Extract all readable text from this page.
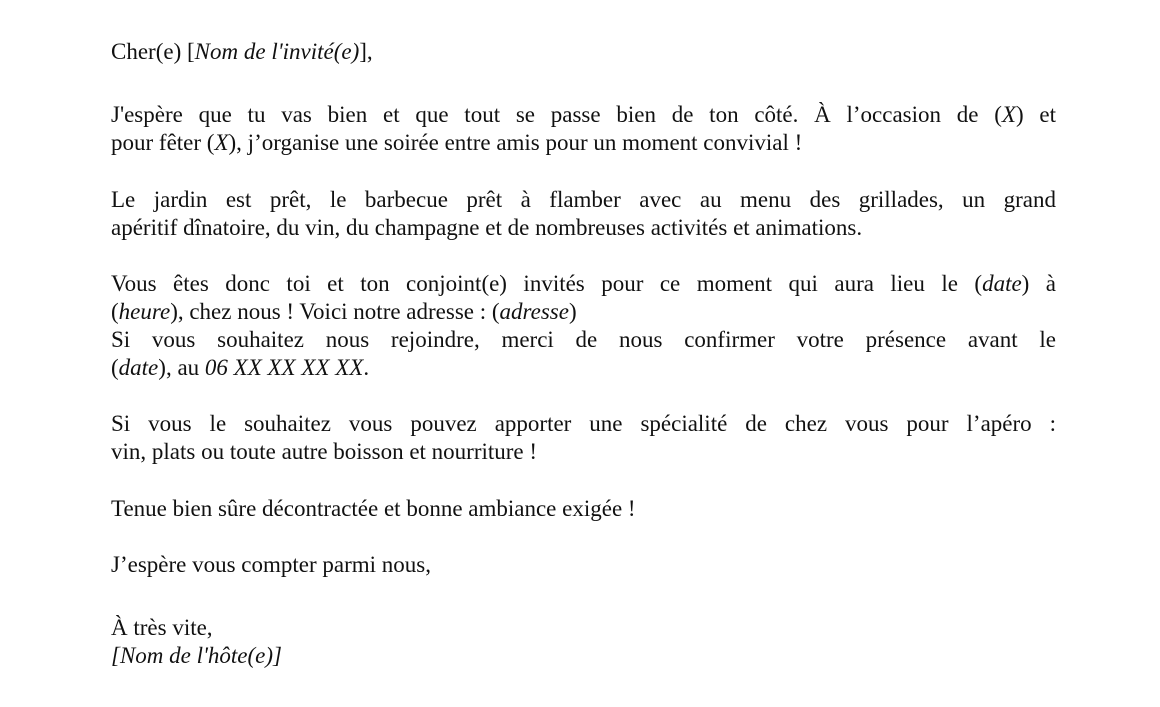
Cher(e) [Nom de l'invité(e)],
J'espère que tu vas bien et que tout se passe bien de ton côté. À l’occasion de (X) et
pour fêter (X), j’organise une soirée entre amis pour un moment convivial !
Le jardin est prêt, le barbecue prêt à flamber avec au menu des grillades, un grand
apéritif dînatoire, du vin, du champagne et de nombreuses activités et animations.
Vous êtes donc toi et ton conjoint(e) invités pour ce moment qui aura lieu le (date) à
(heure), chez nous ! Voici notre adresse : (adresse)
Si vous souhaitez nous rejoindre, merci de nous confirmer votre présence avant le
(date), au 06 XX XX XX XX.
Si vous le souhaitez vous pouvez apporter une spécialité de chez vous pour l’apéro :
vin, plats ou toute autre boisson et nourriture !
Tenue bien sûre décontractée et bonne ambiance exigée !
J’espère vous compter parmi nous,
À très vite,
[Nom de l'hôte(e)]
